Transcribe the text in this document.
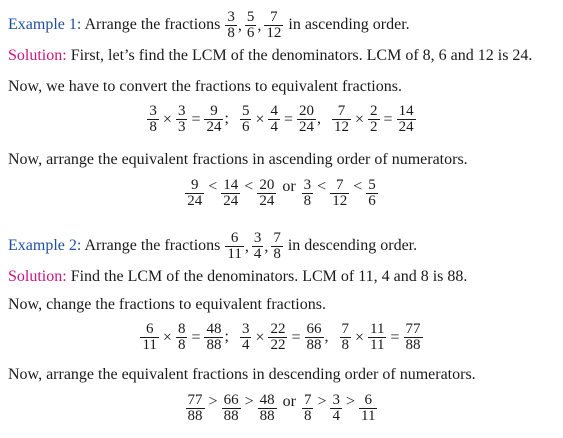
Example 1: Arrange the fractions $\frac{3}{8}$ , $\frac{5}{6}$ , $\frac{7}{12}$ in ascending order.
Solution: First, let’s find the LCM of the denominators. LCM of 8, 6 and 12 is 24.
Now, we have to convert the fractions to equivalent fractions.
$\frac{3}{8} \times \frac{3}{3} = \frac{9}{24}$ ; $\frac{5}{6} \times \frac{4}{4} = \frac{20}{24}$ , $\frac{7}{12} \times \frac{2}{2} = \frac{14}{24}$
Now, arrange the equivalent fractions in ascending order of numerators.
$\frac{9}{24} < \frac{14}{24} < \frac{20}{24}$ or $\frac{3}{8} < \frac{7}{12} < \frac{5}{6}$
Example 2: Arrange the fractions $\frac{6}{11}$ , $\frac{3}{4}$ , $\frac{7}{8}$ in descending order.
Solution: Find the LCM of the denominators. LCM of 11, 4 and 8 is 88.
Now, change the fractions to equivalent fractions.
$\frac{6}{11} \times \frac{8}{8} = \frac{48}{88}$ ; $\frac{3}{4} \times \frac{22}{22} = \frac{66}{88}$ , $\frac{7}{8} \times \frac{11}{11} = \frac{77}{88}$
Now, arrange the equivalent fractions in descending order of numerators.
$\frac{77}{88} > \frac{66}{88} > \frac{48}{88}$ or $\frac{7}{8} > \frac{3}{4} > \frac{6}{11}$
